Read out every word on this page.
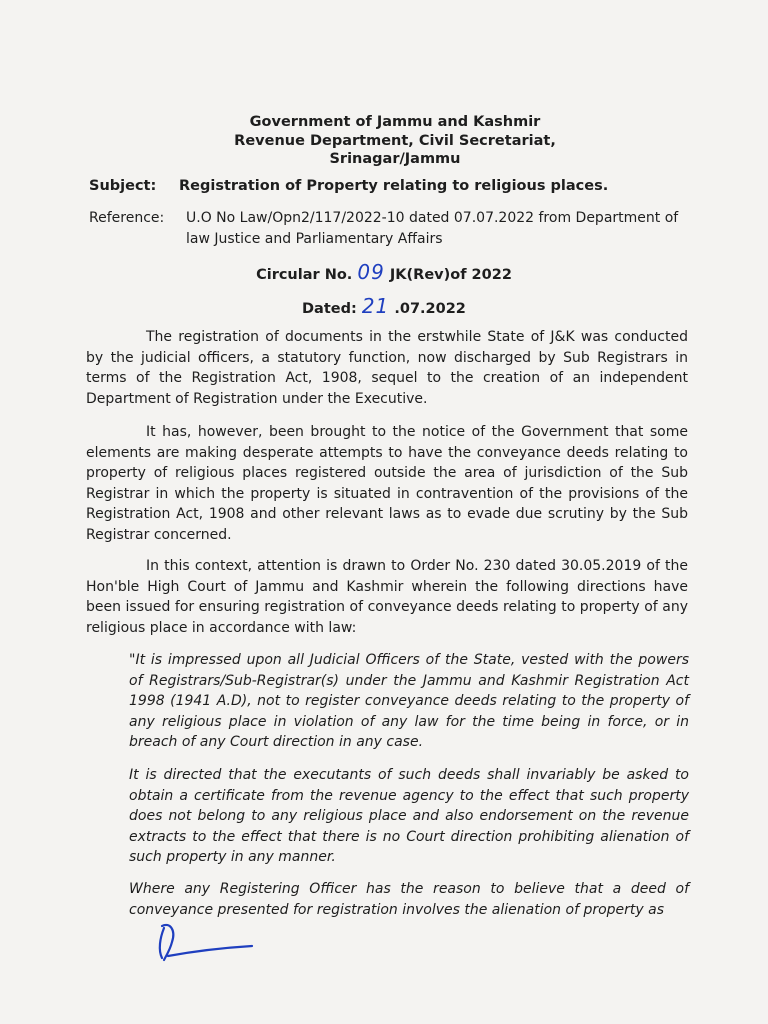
Government of Jammu and Kashmir
Revenue Department, Civil Secretariat,
Srinagar/Jammu
Subject: Registration of Property relating to religious places.
Reference: U.O No Law/Opn2/117/2022-10 dated 07.07.2022 from Department of
law Justice and Parliamentary Affairs
Circular No. 09 JK(Rev)of 2022
Dated: 21 .07.2022
The registration of documents in the erstwhile State of J&K was conducted by the judicial officers, a statutory function, now discharged by Sub Registrars in terms of the Registration Act, 1908, sequel to the creation of an independent Department of Registration under the Executive.
It has, however, been brought to the notice of the Government that some elements are making desperate attempts to have the conveyance deeds relating to property of religious places registered outside the area of jurisdiction of the Sub Registrar in which the property is situated in contravention of the provisions of the Registration Act, 1908 and other relevant laws as to evade due scrutiny by the Sub Registrar concerned.
In this context, attention is drawn to Order No. 230 dated 30.05.2019 of the Hon'ble High Court of Jammu and Kashmir wherein the following directions have been issued for ensuring registration of conveyance deeds relating to property of any religious place in accordance with law:
"It is impressed upon all Judicial Officers of the State, vested with the powers of Registrars/Sub-Registrar(s) under the Jammu and Kashmir Registration Act 1998 (1941 A.D), not to register conveyance deeds relating to the property of any religious place in violation of any law for the time being in force, or in breach of any Court direction in any case.
It is directed that the executants of such deeds shall invariably be asked to obtain a certificate from the revenue agency to the effect that such property does not belong to any religious place and also endorsement on the revenue extracts to the effect that there is no Court direction prohibiting alienation of such property in any manner.
Where any Registering Officer has the reason to believe that a deed of conveyance presented for registration involves the alienation of property as
